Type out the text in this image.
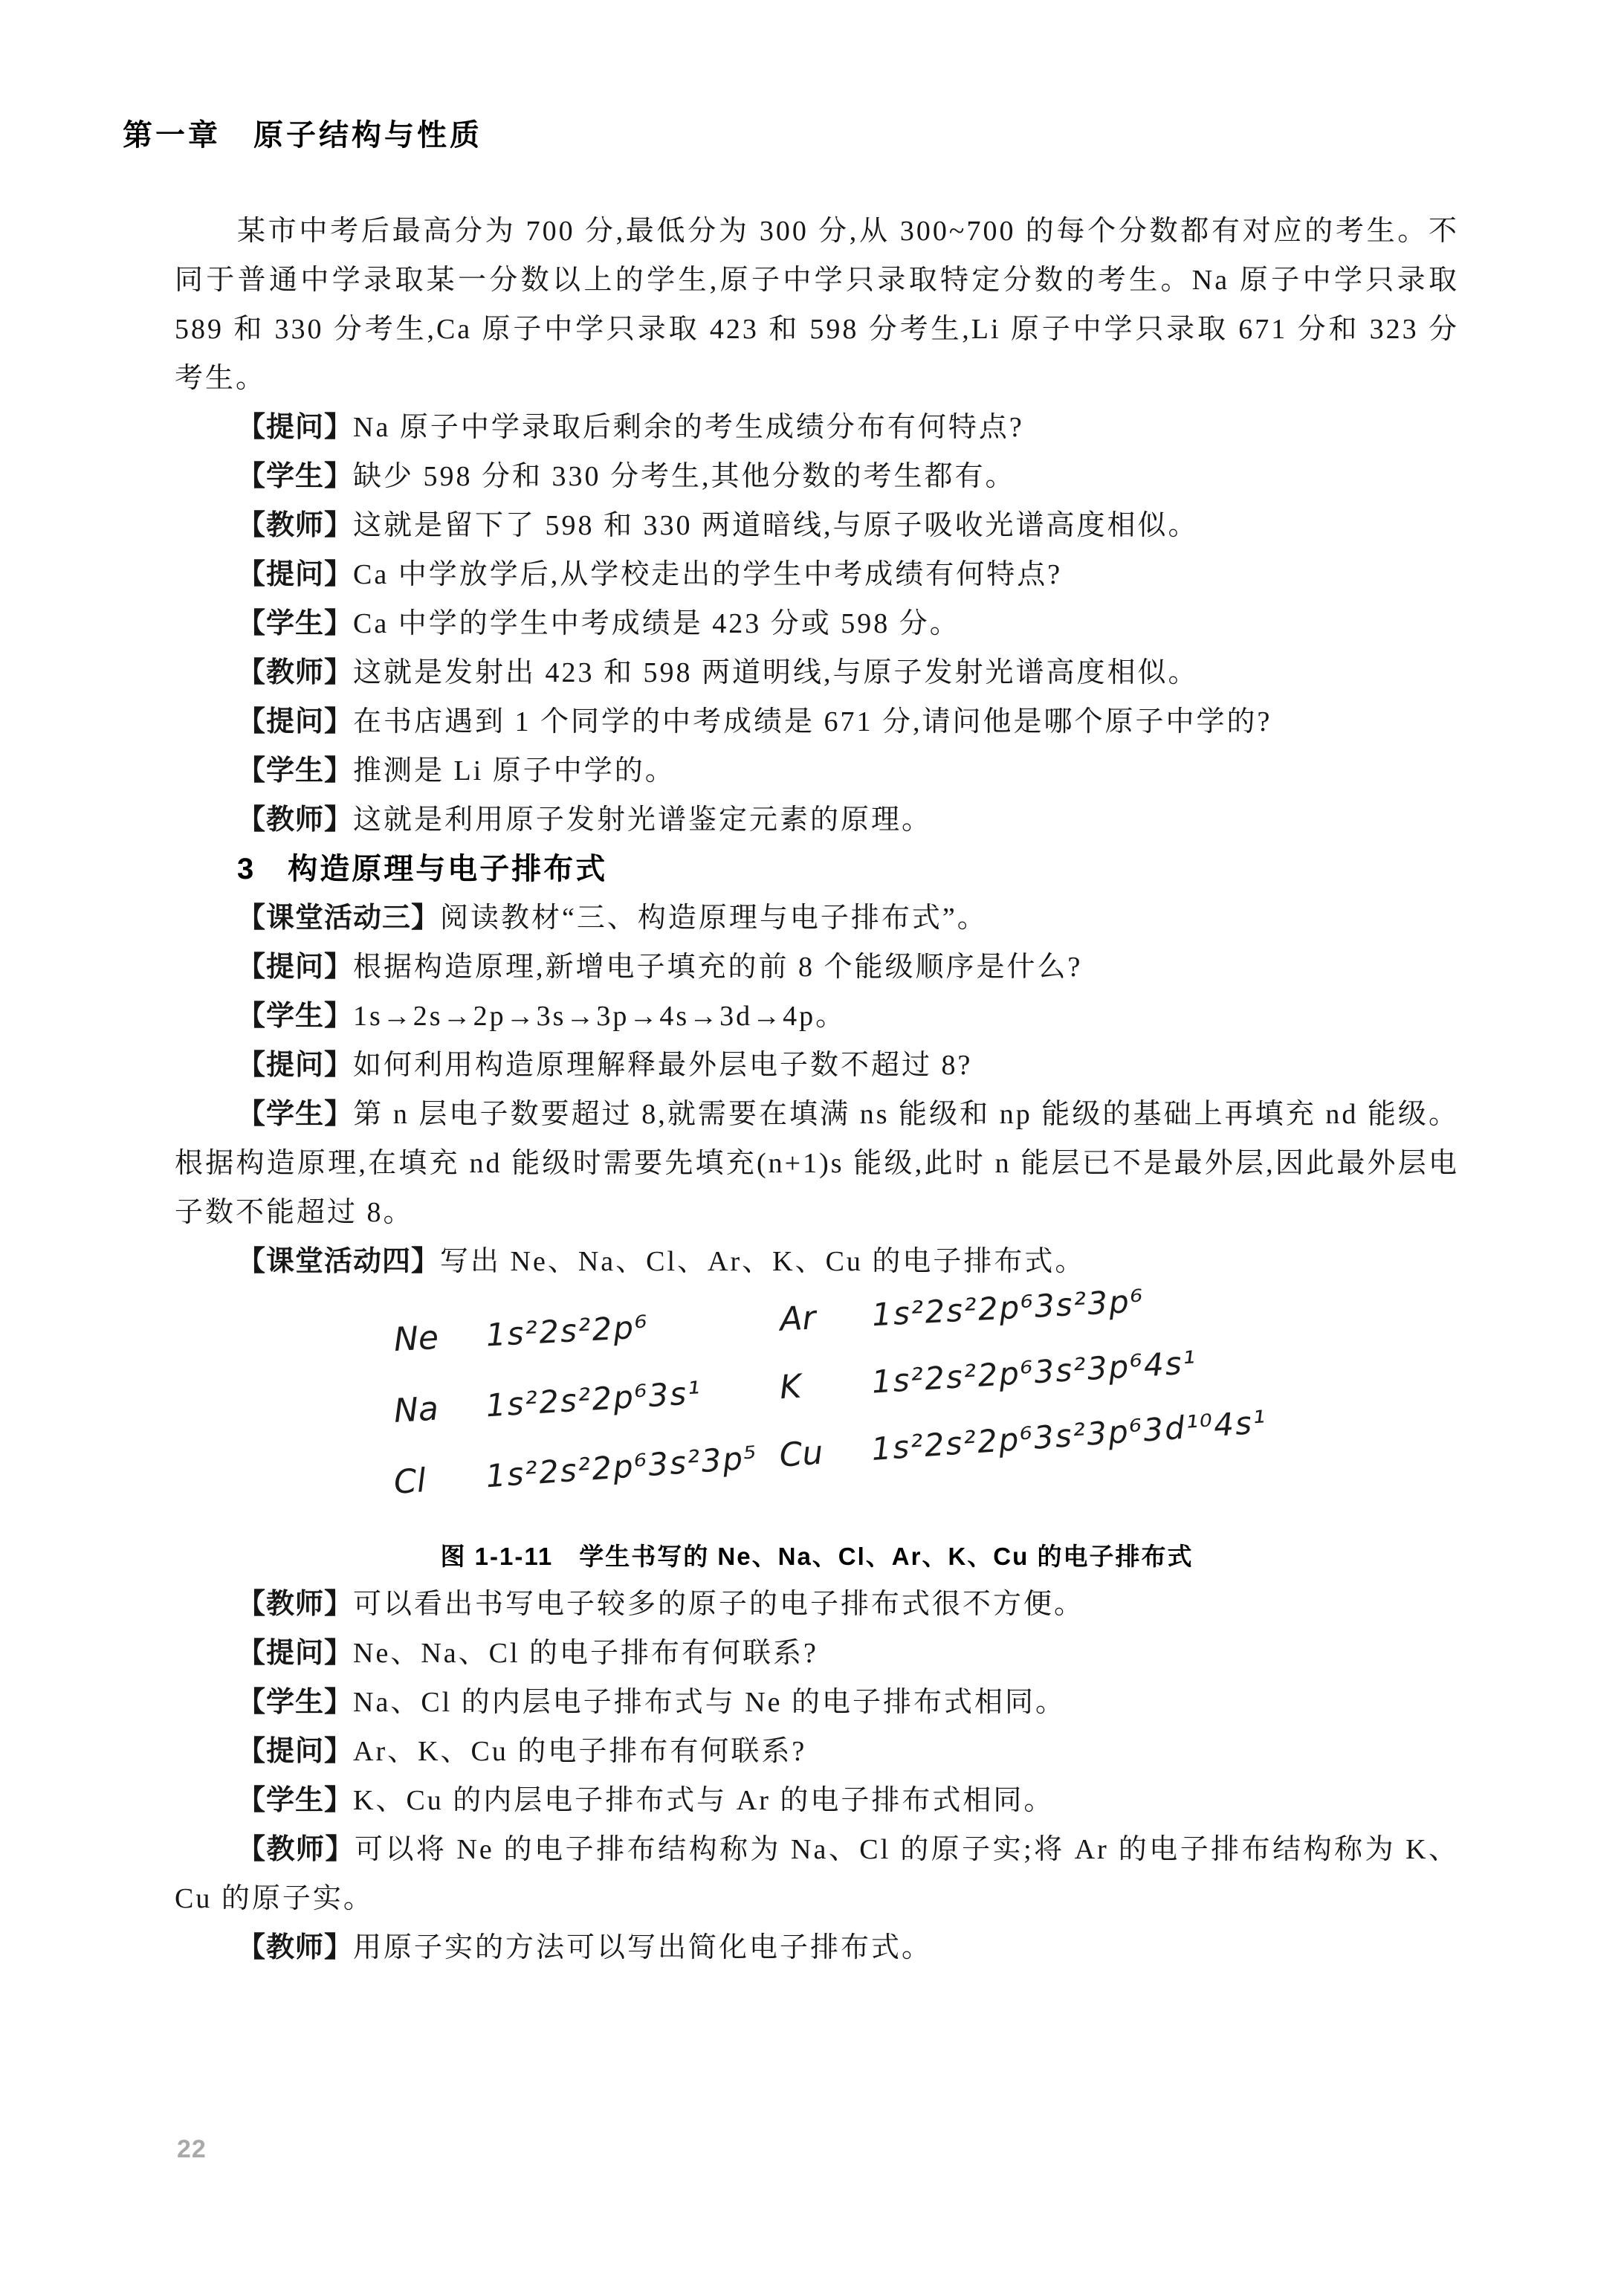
第一章　原子结构与性质

某市中考后最高分为 700 分,最低分为 300 分,从 300~700 的每个分数都有对应的考生。不同于普通中学录取某一分数以上的学生,原子中学只录取特定分数的考生。Na 原子中学只录取 589 和 330 分考生,Ca 原子中学只录取 423 和 598 分考生,Li 原子中学只录取 671 分和 323 分考生。

【提问】Na 原子中学录取后剩余的考生成绩分布有何特点?

【学生】缺少 598 分和 330 分考生,其他分数的考生都有。

【教师】这就是留下了 598 和 330 两道暗线,与原子吸收光谱高度相似。

【提问】Ca 中学放学后,从学校走出的学生中考成绩有何特点?

【学生】Ca 中学的学生中考成绩是 423 分或 598 分。

【教师】这就是发射出 423 和 598 两道明线,与原子发射光谱高度相似。

【提问】在书店遇到 1 个同学的中考成绩是 671 分,请问他是哪个原子中学的?

【学生】推测是 Li 原子中学的。

【教师】这就是利用原子发射光谱鉴定元素的原理。

3　构造原理与电子排布式

【课堂活动三】阅读教材“三、构造原理与电子排布式”。

【提问】根据构造原理,新增电子填充的前 8 个能级顺序是什么?

【学生】1s→2s→2p→3s→3p→4s→3d→4p。

【提问】如何利用构造原理解释最外层电子数不超过 8?

【学生】第 n 层电子数要超过 8,就需要在填满 ns 能级和 np 能级的基础上再填充 nd 能级。根据构造原理,在填充 nd 能级时需要先填充(n+1)s 能级,此时 n 能层已不是最外层,因此最外层电子数不能超过 8。

【课堂活动四】写出 Ne、Na、Cl、Ar、K、Cu 的电子排布式。

Ne	1s²2s²2p⁶	Ar	1s²2s²2p⁶3s²3p⁶
Na	1s²2s²2p⁶3s¹ K	1s²2s²2p⁶3s²3p⁶4s¹
Cl	1s²2s²2p⁶3s²3p⁵ Cu	1s²2s²2p⁶3s²3p⁶3d¹⁰4s¹
图 1-1-11　学生书写的 Ne、Na、Cl、Ar、K、Cu 的电子排布式

【教师】可以看出书写电子较多的原子的电子排布式很不方便。

【提问】Ne、Na、Cl 的电子排布有何联系?

【学生】Na、Cl 的内层电子排布式与 Ne 的电子排布式相同。

【提问】Ar、K、Cu 的电子排布有何联系?

【学生】K、Cu 的内层电子排布式与 Ar 的电子排布式相同。

【教师】可以将 Ne 的电子排布结构称为 Na、Cl 的原子实;将 Ar 的电子排布结构称为 K、Cu 的原子实。

【教师】用原子实的方法可以写出简化电子排布式。

22
